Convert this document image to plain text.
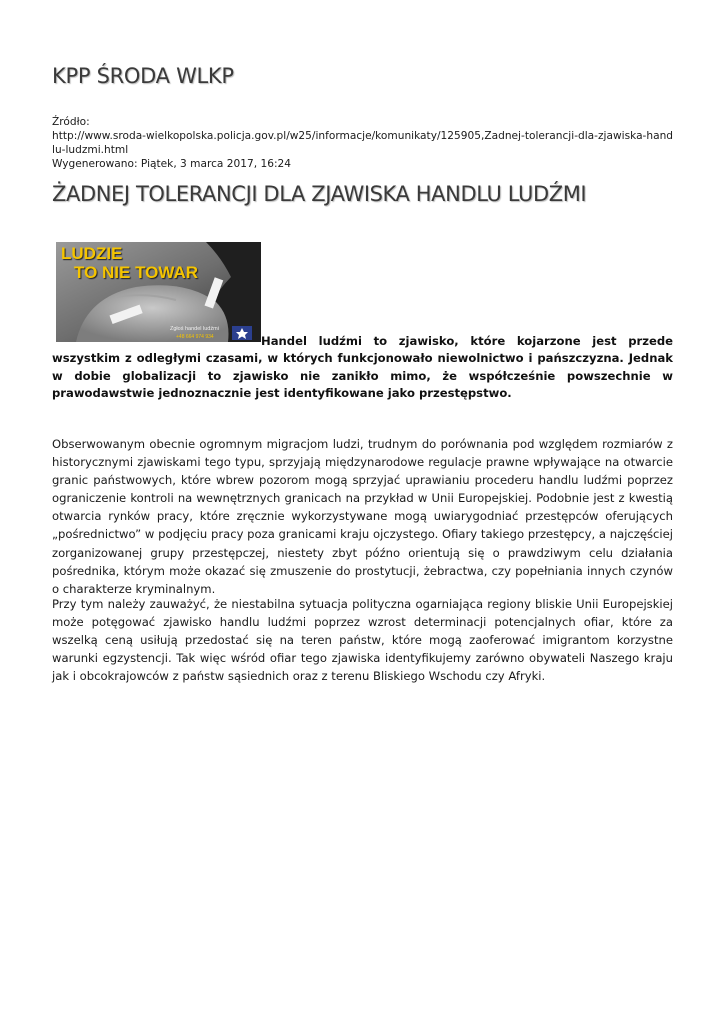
KPP ŚRODA WLKP
Źródło:
http://www.sroda-wielkopolska.policja.gov.pl/w25/informacje/komunikaty/125905,Zadnej-tolerancji-dla-zjawiska-handlu-ludzmi.html
Wygenerowano: Piątek, 3 marca 2017, 16:24
ŻADNEJ TOLERANCJI DLA ZJAWISKA HANDLU LUDŹMI
LUDZIE
TO NIE TOWAR
Zgłoś handel ludźmi
+48 664 974 934	Handel ludźmi to zjawisko, które kojarzone jest przede wszystkim z odległymi czasami, w których funkcjonowało niewolnictwo i pańszczyzna. Jednak w dobie globalizacji to zjawisko nie zanikło mimo, że współcześnie powszechnie w prawodawstwie jednoznacznie jest identyfikowane jako przestępstwo.

Obserwowanym obecnie ogromnym migracjom ludzi, trudnym do porównania pod względem rozmiarów z historycznymi zjawiskami tego typu, sprzyjają międzynarodowe regulacje prawne wpływające na otwarcie granic państwowych, które wbrew pozorom mogą sprzyjać uprawianiu procederu handlu ludźmi poprzez ograniczenie kontroli na wewnętrznych granicach na przykład w Unii Europejskiej. Podobnie jest z kwestią otwarcia rynków pracy, które zręcznie wykorzystywane mogą uwiarygodniać przestępców oferujących „pośrednictwo” w podjęciu pracy poza granicami kraju ojczystego. Ofiary takiego przestępcy, a najczęściej zorganizowanej grupy przestępczej, niestety zbyt późno orientują się o prawdziwym celu działania pośrednika, którym może okazać się zmuszenie do prostytucji, żebractwa, czy popełniania innych czynów o charakterze kryminalnym.

Przy tym należy zauważyć, że niestabilna sytuacja polityczna ogarniająca regiony bliskie Unii Europejskiej może potęgować zjawisko handlu ludźmi poprzez wzrost determinacji potencjalnych ofiar, które za wszelką ceną usiłują przedostać się na teren państw, które mogą zaoferować imigrantom korzystne warunki egzystencji. Tak więc wśród ofiar tego zjawiska identyfikujemy zarówno obywateli Naszego kraju jak i obcokrajowców z państw sąsiednich oraz z terenu Bliskiego Wschodu czy Afryki.
